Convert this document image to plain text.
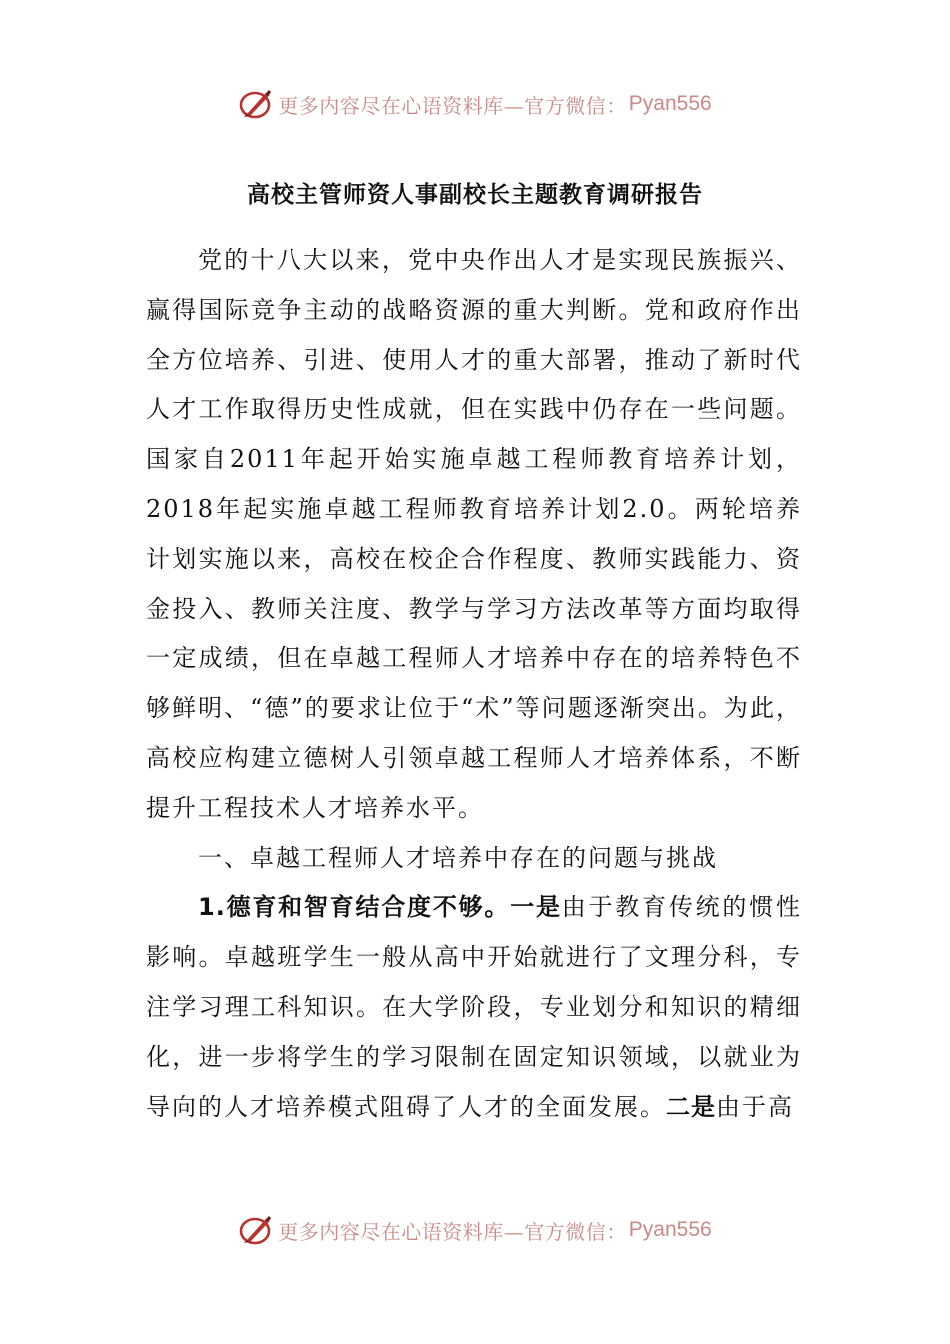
更多内容尽在心语资料库—官方微信： Pyan556
高校主管师资人事副校长主题教育调研报告

党的十八大以来，党中央作出人才是实现民族振兴、赢得国际竞争主动的战略资源的重大判断。党和政府作出全方位培养、引进、使用人才的重大部署，推动了新时代人才工作取得历史性成就，但在实践中仍存在一些问题。国家自2011年起开始实施卓越工程师教育培养计划，2018年起实施卓越工程师教育培养计划2.0。两轮培养计划实施以来，高校在校企合作程度、教师实践能力、资金投入、教师关注度、教学与学习方法改革等方面均取得一定成绩，但在卓越工程师人才培养中存在的培养特色不够鲜明、“德”的要求让位于“术”等问题逐渐突出。为此，高校应构建立德树人引领卓越工程师人才培养体系，不断提升工程技术人才培养水平。

一、卓越工程师人才培养中存在的问题与挑战

1.德育和智育结合度不够。一是由于教育传统的惯性影响。卓越班学生一般从高中开始就进行了文理分科，专注学习理工科知识。在大学阶段，专业划分和知识的精细化，进一步将学生的学习限制在固定知识领域，以就业为导向的人才培养模式阻碍了人才的全面发展。二是由于高

更多内容尽在心语资料库—官方微信： Pyan556
